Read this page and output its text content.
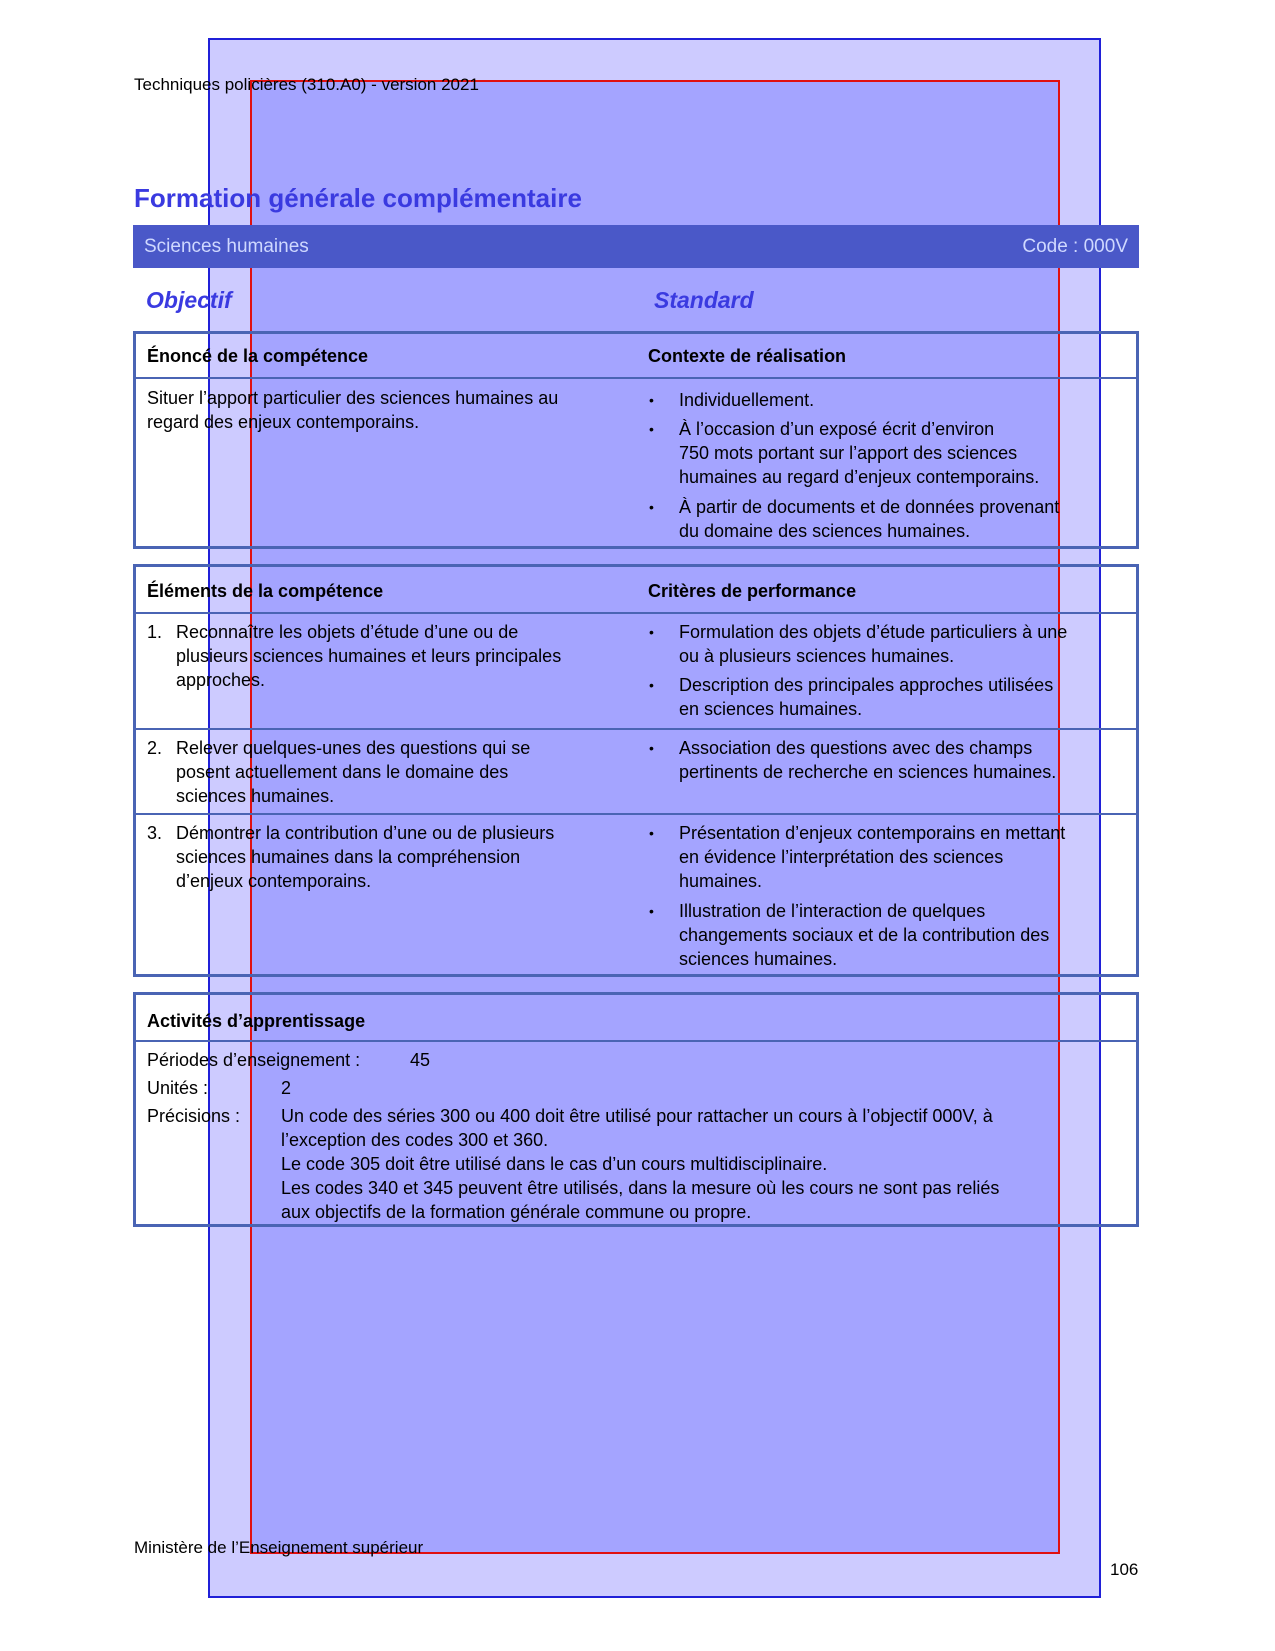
Techniques policières (310.A0) - version 2021
Formation générale complémentaire
Sciences humaines	Code : 000V
Objectif	Standard
Énoncé de la compétence	Contexte de réalisation
Situer l’apport particulier des sciences humaines au
regard des enjeux contemporains.
• Individuellement.
• À l’occasion d’un exposé écrit d’environ
750 mots portant sur l’apport des sciences
humaines au regard d’enjeux contemporains.
• À partir de documents et de données provenant
du domaine des sciences humaines.
Éléments de la compétence	Critères de performance
1. Reconnaître les objets d’étude d’une ou de
plusieurs sciences humaines et leurs principales
approches.
• Formulation des objets d’étude particuliers à une
ou à plusieurs sciences humaines.
• Description des principales approches utilisées
en sciences humaines.
2. Relever quelques-unes des questions qui se
posent actuellement dans le domaine des
sciences humaines.
• Association des questions avec des champs
pertinents de recherche en sciences humaines.
3. Démontrer la contribution d’une ou de plusieurs
sciences humaines dans la compréhension
d’enjeux contemporains.
• Présentation d’enjeux contemporains en mettant
en évidence l’interprétation des sciences
humaines.
• Illustration de l’interaction de quelques
changements sociaux et de la contribution des
sciences humaines.
Activités d’apprentissage
Périodes d’enseignement :	45
Unités :	2
Précisions : Un code des séries 300 ou 400 doit être utilisé pour rattacher un cours à l’objectif 000V, à
l’exception des codes 300 et 360.
Le code 305 doit être utilisé dans le cas d’un cours multidisciplinaire.
Les codes 340 et 345 peuvent être utilisés, dans la mesure où les cours ne sont pas reliés
aux objectifs de la formation générale commune ou propre.
Ministère de l’Enseignement supérieur
106
